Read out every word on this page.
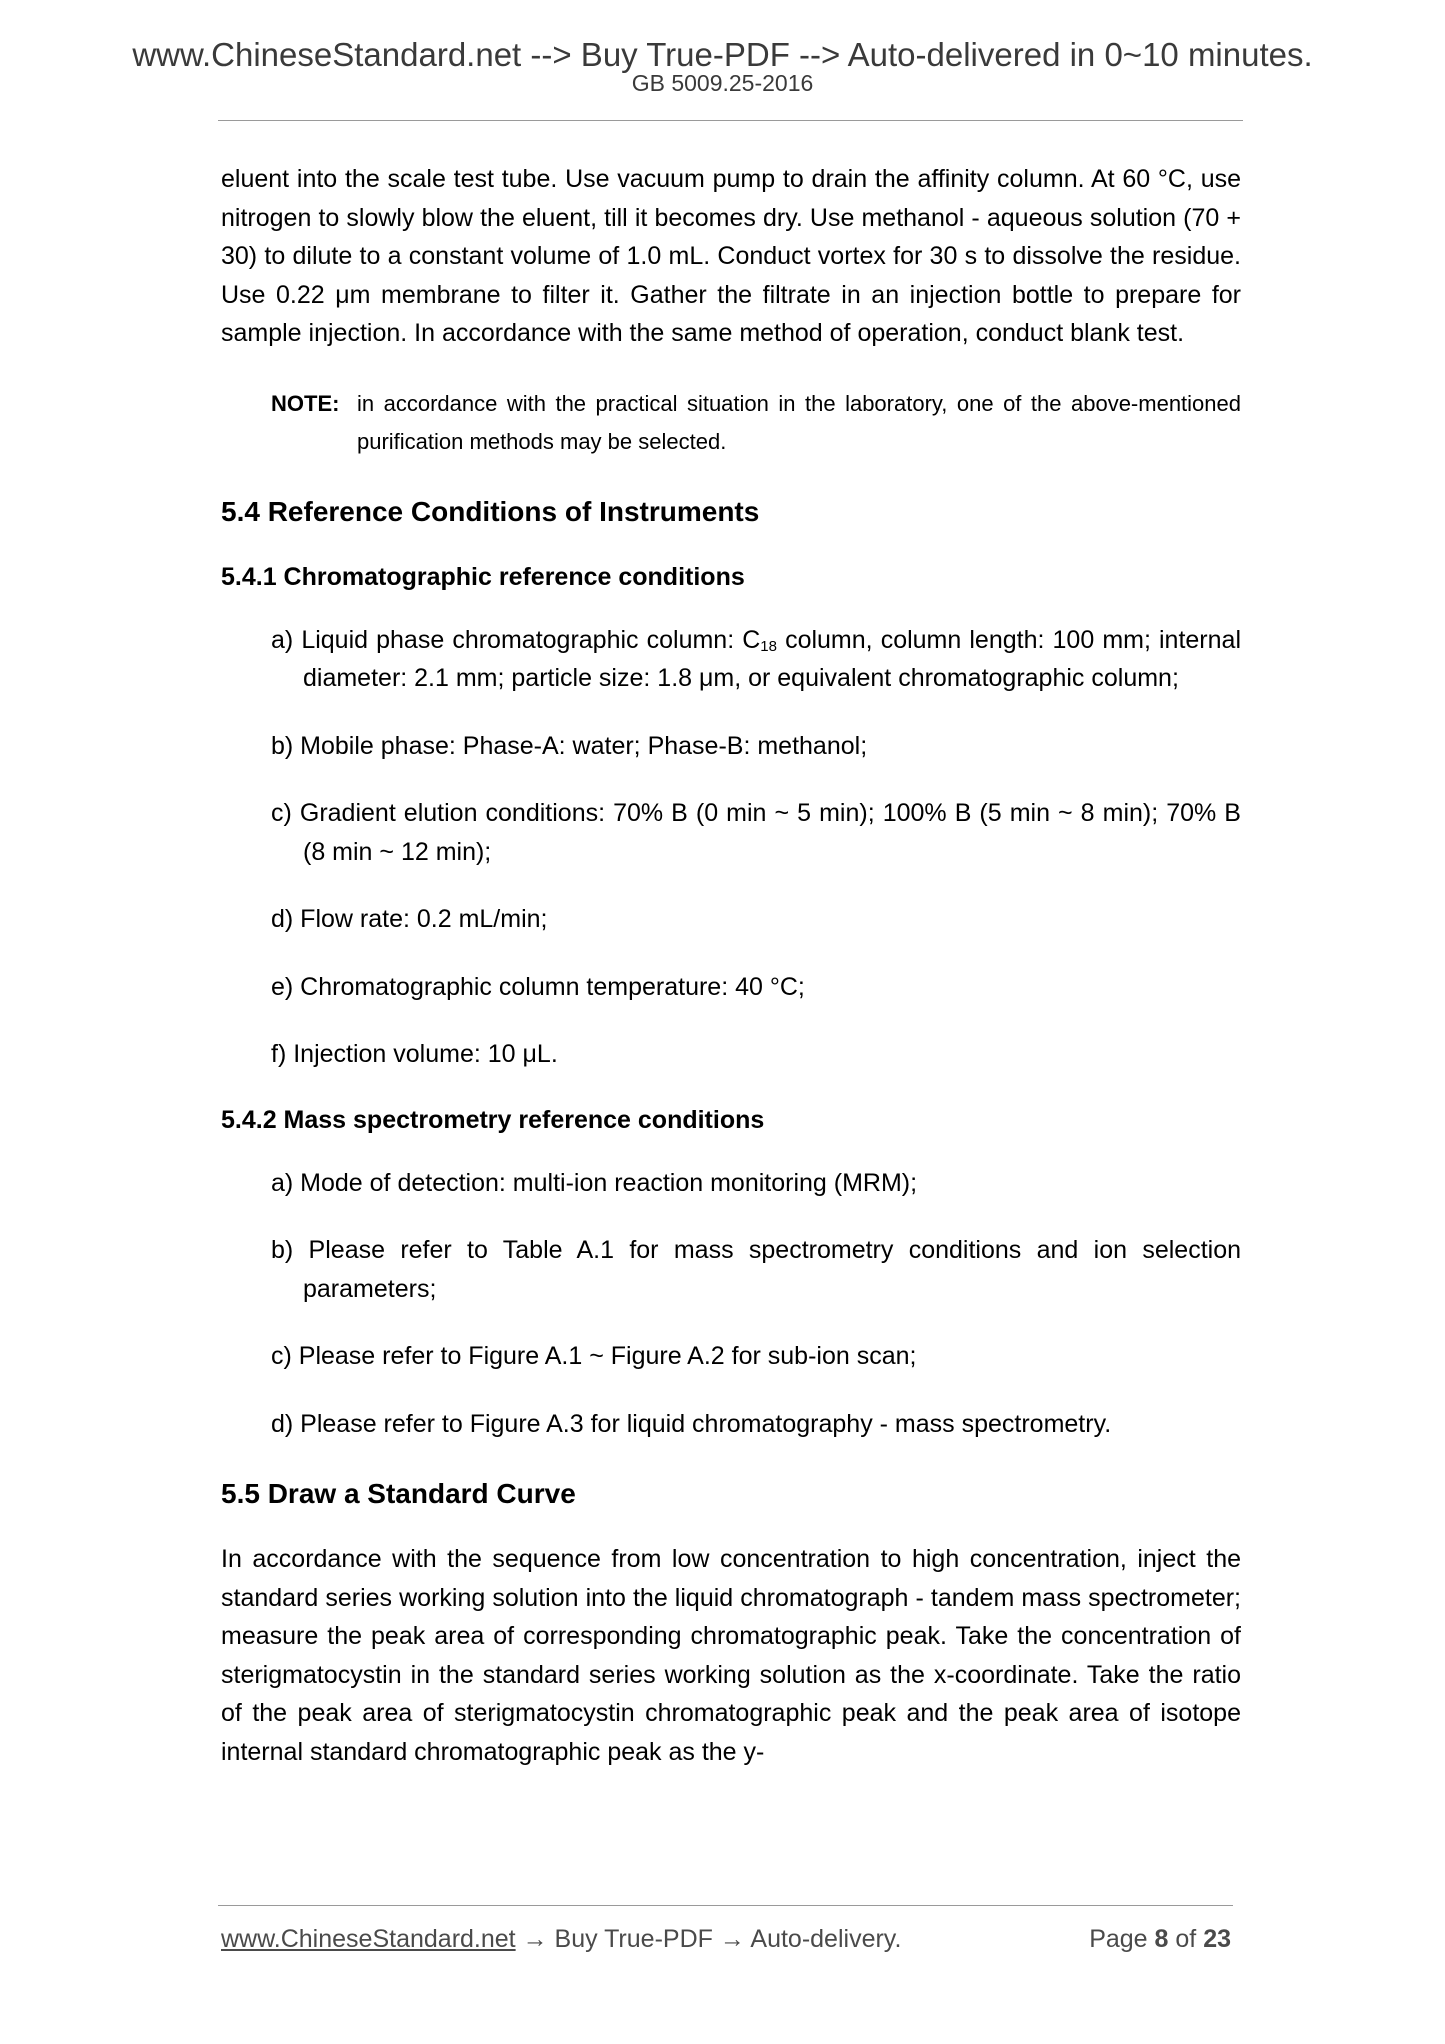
www.ChineseStandard.net --> Buy True-PDF --> Auto-delivered in 0~10 minutes.
GB 5009.25-2016

eluent into the scale test tube. Use vacuum pump to drain the affinity column. At 60 °C, use nitrogen to slowly blow the eluent, till it becomes dry. Use methanol - aqueous solution (70 + 30) to dilute to a constant volume of 1.0 mL. Conduct vortex for 30 s to dissolve the residue. Use 0.22 μm membrane to filter it. Gather the filtrate in an injection bottle to prepare for sample injection. In accordance with the same method of operation, conduct blank test.

NOTE: in accordance with the practical situation in the laboratory, one of the above-mentioned purification methods may be selected.
5.4 Reference Conditions of Instruments
5.4.1 Chromatographic reference conditions

a) Liquid phase chromatographic column: $C_{18}$ column, column length: 100 mm; internal diameter: 2.1 mm; particle size: 1.8 μm, or equivalent chromatographic column;

b) Mobile phase: Phase-A: water; Phase-B: methanol;

c) Gradient elution conditions: 70% B (0 min ~ 5 min); 100% B (5 min ~ 8 min); 70% B (8 min ~ 12 min);

d) Flow rate: 0.2 mL/min;

e) Chromatographic column temperature: 40 °C;

f) Injection volume: 10 μL.

5.4.2 Mass spectrometry reference conditions

a) Mode of detection: multi-ion reaction monitoring (MRM);

b) Please refer to Table A.1 for mass spectrometry conditions and ion selection parameters;

c) Please refer to Figure A.1 ~ Figure A.2 for sub-ion scan;

d) Please refer to Figure A.3 for liquid chromatography - mass spectrometry.

5.5 Draw a Standard Curve

In accordance with the sequence from low concentration to high concentration, inject the standard series working solution into the liquid chromatograph - tandem mass spectrometer; measure the peak area of corresponding chromatographic peak. Take the concentration of sterigmatocystin in the standard series working solution as the x-coordinate. Take the ratio of the peak area of sterigmatocystin chromatographic peak and the peak area of isotope internal standard chromatographic peak as the y-

www.ChineseStandard.net → Buy True-PDF → Auto-delivery.	Page 8 of 23
